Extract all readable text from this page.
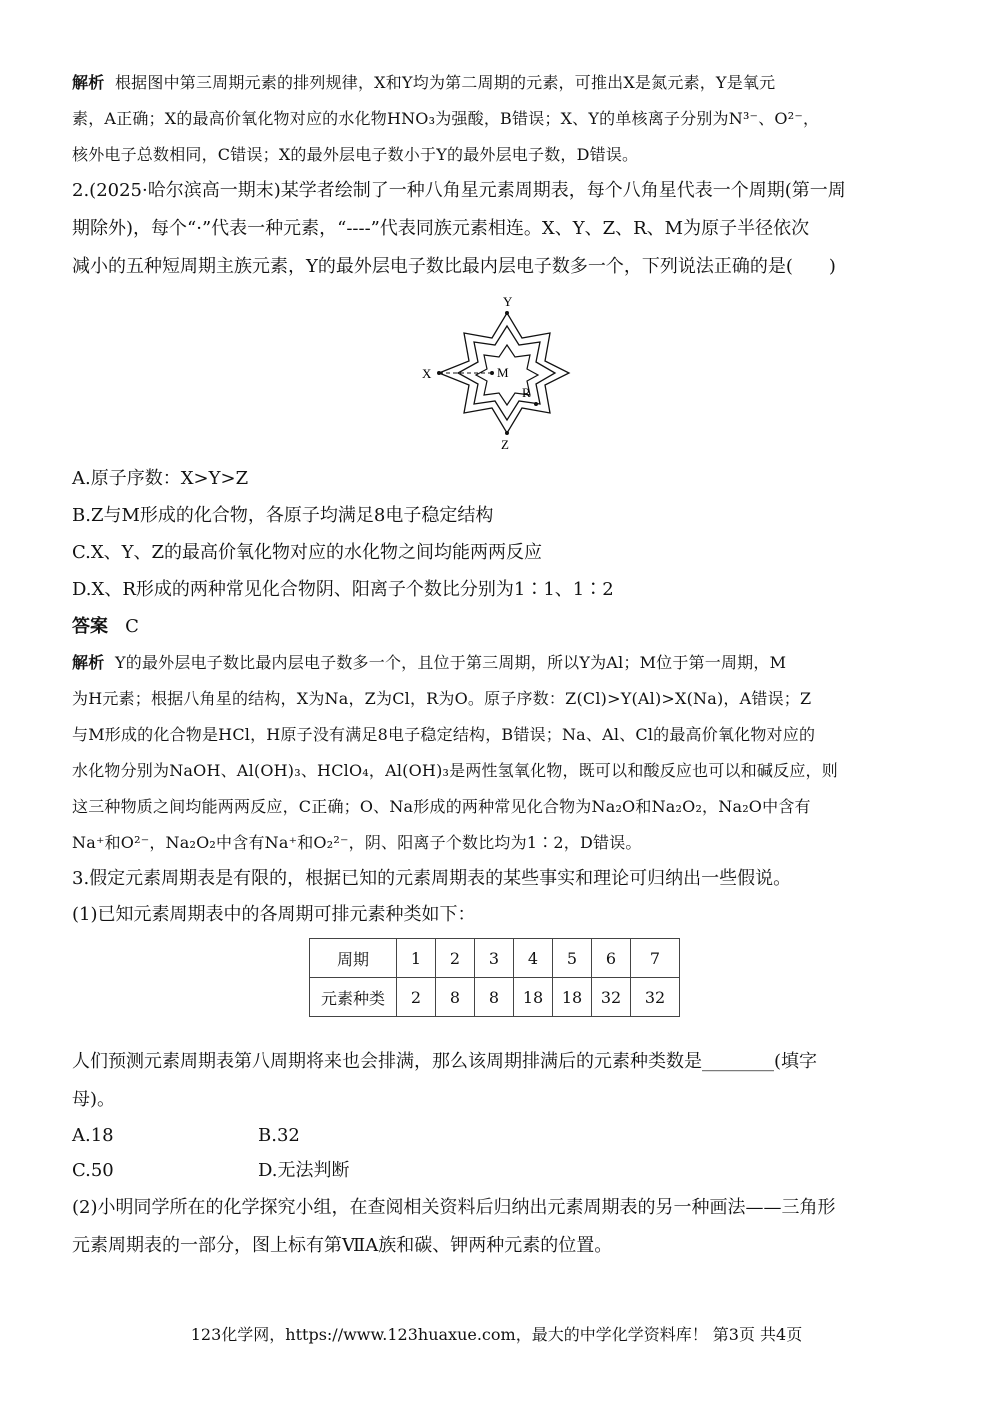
解析 根据图中第三周期元素的排列规律，X和Y均为第二周期的元素，可推出X是氮元素，Y是氧元
素，A正确；X的最高价氧化物对应的水化物HNO₃为强酸，B错误；X、Y的单核离子分别为N³⁻、O²⁻，
核外电子总数相同，C错误；X的最外层电子数小于Y的最外层电子数，D错误。
2.(2025·哈尔滨高一期末)某学者绘制了一种八角星元素周期表，每个八角星代表一个周期(第一周
期除外)，每个“·”代表一种元素，“----”代表同族元素相连。X、Y、Z、R、M为原子半径依次
减小的五种短周期主族元素，Y的最外层电子数比最内层电子数多一个，下列说法正确的是(　　)
Y
X	M
R
Z
A.原子序数：X>Y>Z
B.Z与M形成的化合物，各原子均满足8电子稳定结构
C.X、Y、Z的最高价氧化物对应的水化物之间均能两两反应
D.X、R形成的两种常见化合物阴、阳离子个数比分别为1∶1、1∶2
答案 C
解析 Y的最外层电子数比最内层电子数多一个，且位于第三周期，所以Y为Al；M位于第一周期，M
为H元素；根据八角星的结构，X为Na，Z为Cl，R为O。原子序数：Z(Cl)>Y(Al)>X(Na)，A错误；Z
与M形成的化合物是HCl，H原子没有满足8电子稳定结构，B错误；Na、Al、Cl的最高价氧化物对应的
水化物分别为NaOH、Al(OH)₃、HClO₄，Al(OH)₃是两性氢氧化物，既可以和酸反应也可以和碱反应，则
这三种物质之间均能两两反应，C正确；O、Na形成的两种常见化合物为Na₂O和Na₂O₂，Na₂O中含有
Na⁺和O²⁻，Na₂O₂中含有Na⁺和O₂²⁻，阴、阳离子个数比均为1∶2，D错误。
3.假定元素周期表是有限的，根据已知的元素周期表的某些事实和理论可归纳出一些假说。
(1)已知元素周期表中的各周期可排元素种类如下：
周期	1	2	3	4	5	6	7
元素种类	2	8	8	18	18	32	32
人们预测元素周期表第八周期将来也会排满，那么该周期排满后的元素种类数是________(填字
母)。
A.18	B.32
C.50	D.无法判断
(2)小明同学所在的化学探究小组，在查阅相关资料后归纳出元素周期表的另一种画法——三角形
元素周期表的一部分，图上标有第ⅦA族和碳、钾两种元素的位置。
123化学网，https://www.123huaxue.com，最大的中学化学资料库！ 第3页 共4页
